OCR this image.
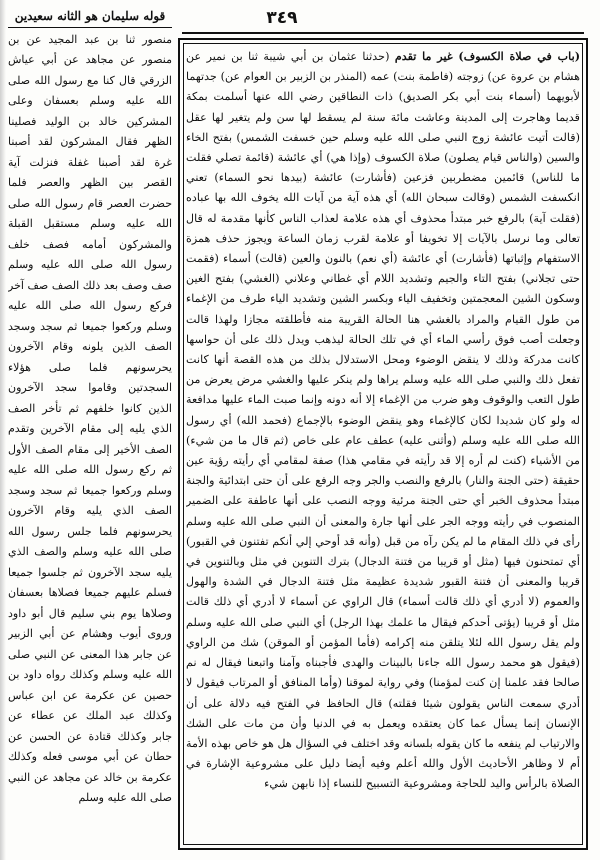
٣٤٩

قوله سليمان هو الثانه سعيدين

منصور ثنا بن عبد المجيد عن بن منصور عن مجاهد عن أبي عياش الزرقي قال كنا مع رسول الله صلى الله عليه وسلم بعسفان وعلى المشركين خالد بن الوليد فصلينا الظهر فقال المشركون لقد أصبنا غرة لقد أصبنا غفلة فنزلت آية القصر بين الظهر والعصر فلما حضرت العصر قام رسول الله صلى الله عليه وسلم مستقبل القبلة والمشركون أمامه فصف خلف رسول الله صلى الله عليه وسلم صف وصف بعد ذلك الصف صف آخر فركع رسول الله صلى الله عليه وسلم وركعوا جميعا ثم سجد وسجد الصف الذين يلونه وقام الآخرون يحرسونهم فلما صلى هؤلاء السجدتين وقاموا سجد الآخرون الذين كانوا خلفهم ثم تأخر الصف الذي يليه إلى مقام الآخرين وتقدم الصف الأخير إلى مقام الصف الأول ثم ركع رسول الله صلى الله عليه وسلم وركعوا جميعا ثم سجد وسجد الصف الذي يليه وقام الآخرون يحرسونهم فلما جلس رسول الله صلى الله عليه وسلم والصف الذي يليه سجد الآخرون ثم جلسوا جميعا فسلم عليهم جميعا فصلاها بعسفان وصلاها يوم بني سليم قال أبو داود وروى أيوب وهشام عن أبي الزبير عن جابر هذا المعنى عن النبي صلى الله عليه وسلم وكذلك رواه داود بن حصين عن عكرمة عن ابن عباس وكذلك عبد الملك عن عطاء عن جابر وكذلك قتادة عن الحسن عن حطان عن أبي موسى فعله وكذلك عكرمة بن خالد عن مجاهد عن النبي صلى الله عليه وسلم

(باب في صلاة الكسوف) غير ما تقدم (حدثنا عثمان بن أبي شيبة ثنا بن نمير عن هشام بن عروة عن) زوجته (فاطمة بنت) عمه (المنذر بن الزبير بن العوام عن) جدتهما لأبويهما (أسماء بنت أبي بكر الصديق) ذات النطاقين رضي الله عنها أسلمت بمكة قديما وهاجرت إلى المدينة وعاشت مائة سنة لم يسقط لها سن ولم يتغير لها عقل (قالت أتيت عائشة زوج النبي صلى الله عليه وسلم حين خسفت الشمس) بفتح الخاء والسين (والناس قيام يصلون) صلاة الكسوف (وإذا هي) أي عائشة (قائمة تصلي فقلت ما للناس) قائمين مضطربين فزعين (فأشارت) عائشة (بيدها نحو السماء) تعني انكسفت الشمس (وقالت سبحان الله) أي هذه آية من آيات الله يخوف الله بها عباده (فقلت آية) بالرفع خبر مبتدأ محذوف أي هذه علامة لعذاب الناس كأنها مقدمة له قال تعالى وما نرسل بالآيات إلا تخويفا أو علامة لقرب زمان الساعة ويجوز حذف همزة الاستفهام وإثباتها (فأشارت) أي عائشة (أي نعم) بالنون والعين (قالت) أسماء (فقمت حتى تجلاني) بفتح التاء والجيم وتشديد اللام أي غطاني وعلاني (الغشي) بفتح الغين وسكون الشين المعجمتين وتخفيف الياء وبكسر الشين وتشديد الياء طرف من الإغماء من طول القيام والمراد بالغشي هنا الحالة القريبة منه فأطلقته مجازا ولهذا قالت وجعلت أصب فوق رأسي الماء أي في تلك الحالة ليذهب ويدل ذلك على أن حواسها كانت مدركة وذلك لا ينقض الوضوء ومحل الاستدلال بذلك من هذه القصة أنها كانت تفعل ذلك والنبي صلى الله عليه وسلم يراها ولم ينكر عليها والغشي مرض يعرض من طول التعب والوقوف وهو ضرب من الإغماء إلا أنه دونه وإنما صبت الماء عليها مدافعة له ولو كان شديدا لكان كالإغماء وهو ينقض الوضوء بالإجماع (فحمد الله) أي رسول الله صلى الله عليه وسلم (وأثنى عليه) عطف عام على خاص (ثم قال ما من شيء) من الأشياء (كنت لم أره إلا قد رأيته في مقامي هذا) صفة لمقامي أي رأيته رؤية عين حقيقة (حتى الجنة والنار) بالرفع والنصب والجر وجه الرفع على أن حتى ابتدائية والجنة مبتدأ محذوف الخبر أي حتى الجنة مرئية ووجه النصب على أنها عاطفة على الضمير المنصوب في رأيته ووجه الجر على أنها جارة والمعنى أن النبي صلى الله عليه وسلم رأى في ذلك المقام ما لم يكن رآه من قبل (وأنه قد أوحي إلي أنكم تفتنون في القبور) أي تمتحنون فيها (مثل أو قريبا من فتنة الدجال) بترك التنوين في مثل وبالتنوين في قريبا والمعنى أن فتنة القبور شديدة عظيمة مثل فتنة الدجال في الشدة والهول والعموم (لا أدري أي ذلك قالت أسماء) قال الراوي عن أسماء لا أدري أي ذلك قالت مثل أو قريبا (يؤتى أحدكم فيقال ما علمك بهذا الرجل) أي النبي صلى الله عليه وسلم ولم يقل رسول الله لئلا يتلقن منه إكرامه (فأما المؤمن أو الموقن) شك من الراوي (فيقول هو محمد رسول الله جاءنا بالبينات والهدى فأجبناه وآمنا واتبعنا فيقال له نم صالحا فقد علمنا إن كنت لمؤمنا) وفي رواية لموقنا (وأما المنافق أو المرتاب فيقول لا أدري سمعت الناس يقولون شيئا فقلته) قال الحافظ في الفتح فيه دلالة على أن الإنسان إنما يسأل عما كان يعتقده ويعمل به في الدنيا وأن من مات على الشك والارتياب لم ينفعه ما كان يقوله بلسانه وقد اختلف في السؤال هل هو خاص بهذه الأمة أم لا وظاهر الأحاديث الأول والله أعلم وفيه أيضا دليل على مشروعية الإشارة في الصلاة بالرأس واليد للحاجة ومشروعية التسبيح للنساء إذا نابهن شيء
